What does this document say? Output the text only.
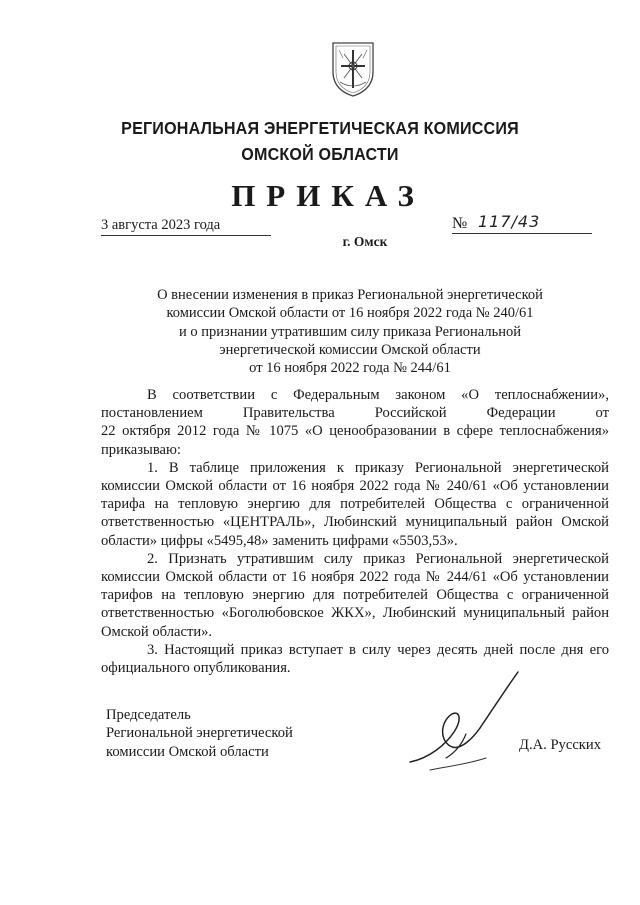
РЕГИОНАЛЬНАЯ ЭНЕРГЕТИЧЕСКАЯ КОМИССИЯ
ОМСКОЙ ОБЛАСТИ
ПРИКАЗ
3 августа 2023 года	№ 117/43
г. Омск
О внесении изменения в приказ Региональной энергетической
комиссии Омской области от 16 ноября 2022 года № 240/61
и о признании утратившим силу приказа Региональной
энергетической комиссии Омской области
от 16 ноября 2022 года № 244/61

В соответствии с Федеральным законом «О теплоснабжении»,

постановлением Правительства Российской Федерации от

22 октября 2012 года № 1075 «О ценообразовании в сфере теплоснабжения»

приказываю:

1. В таблице приложения к приказу Региональной энергетической комиссии Омской области от 16 ноября 2022 года № 240/61 «Об установлении тарифа на тепловую энергию для потребителей Общества с ограниченной ответственностью «ЦЕНТРАЛЬ», Любинский муниципальный район Омской области» цифры «5495,48» заменить цифрами «5503,53».

2. Признать утратившим силу приказ Региональной энергетической комиссии Омской области от 16 ноября 2022 года № 244/61 «Об установлении тарифов на тепловую энергию для потребителей Общества с ограниченной ответственностью «Боголюбовское ЖКХ», Любинский муниципальный район Омской области».

3. Настоящий приказ вступает в силу через десять дней после дня его официального опубликования.

Председатель
Региональной энергетической
комиссии Омской области	Д.А. Русских
